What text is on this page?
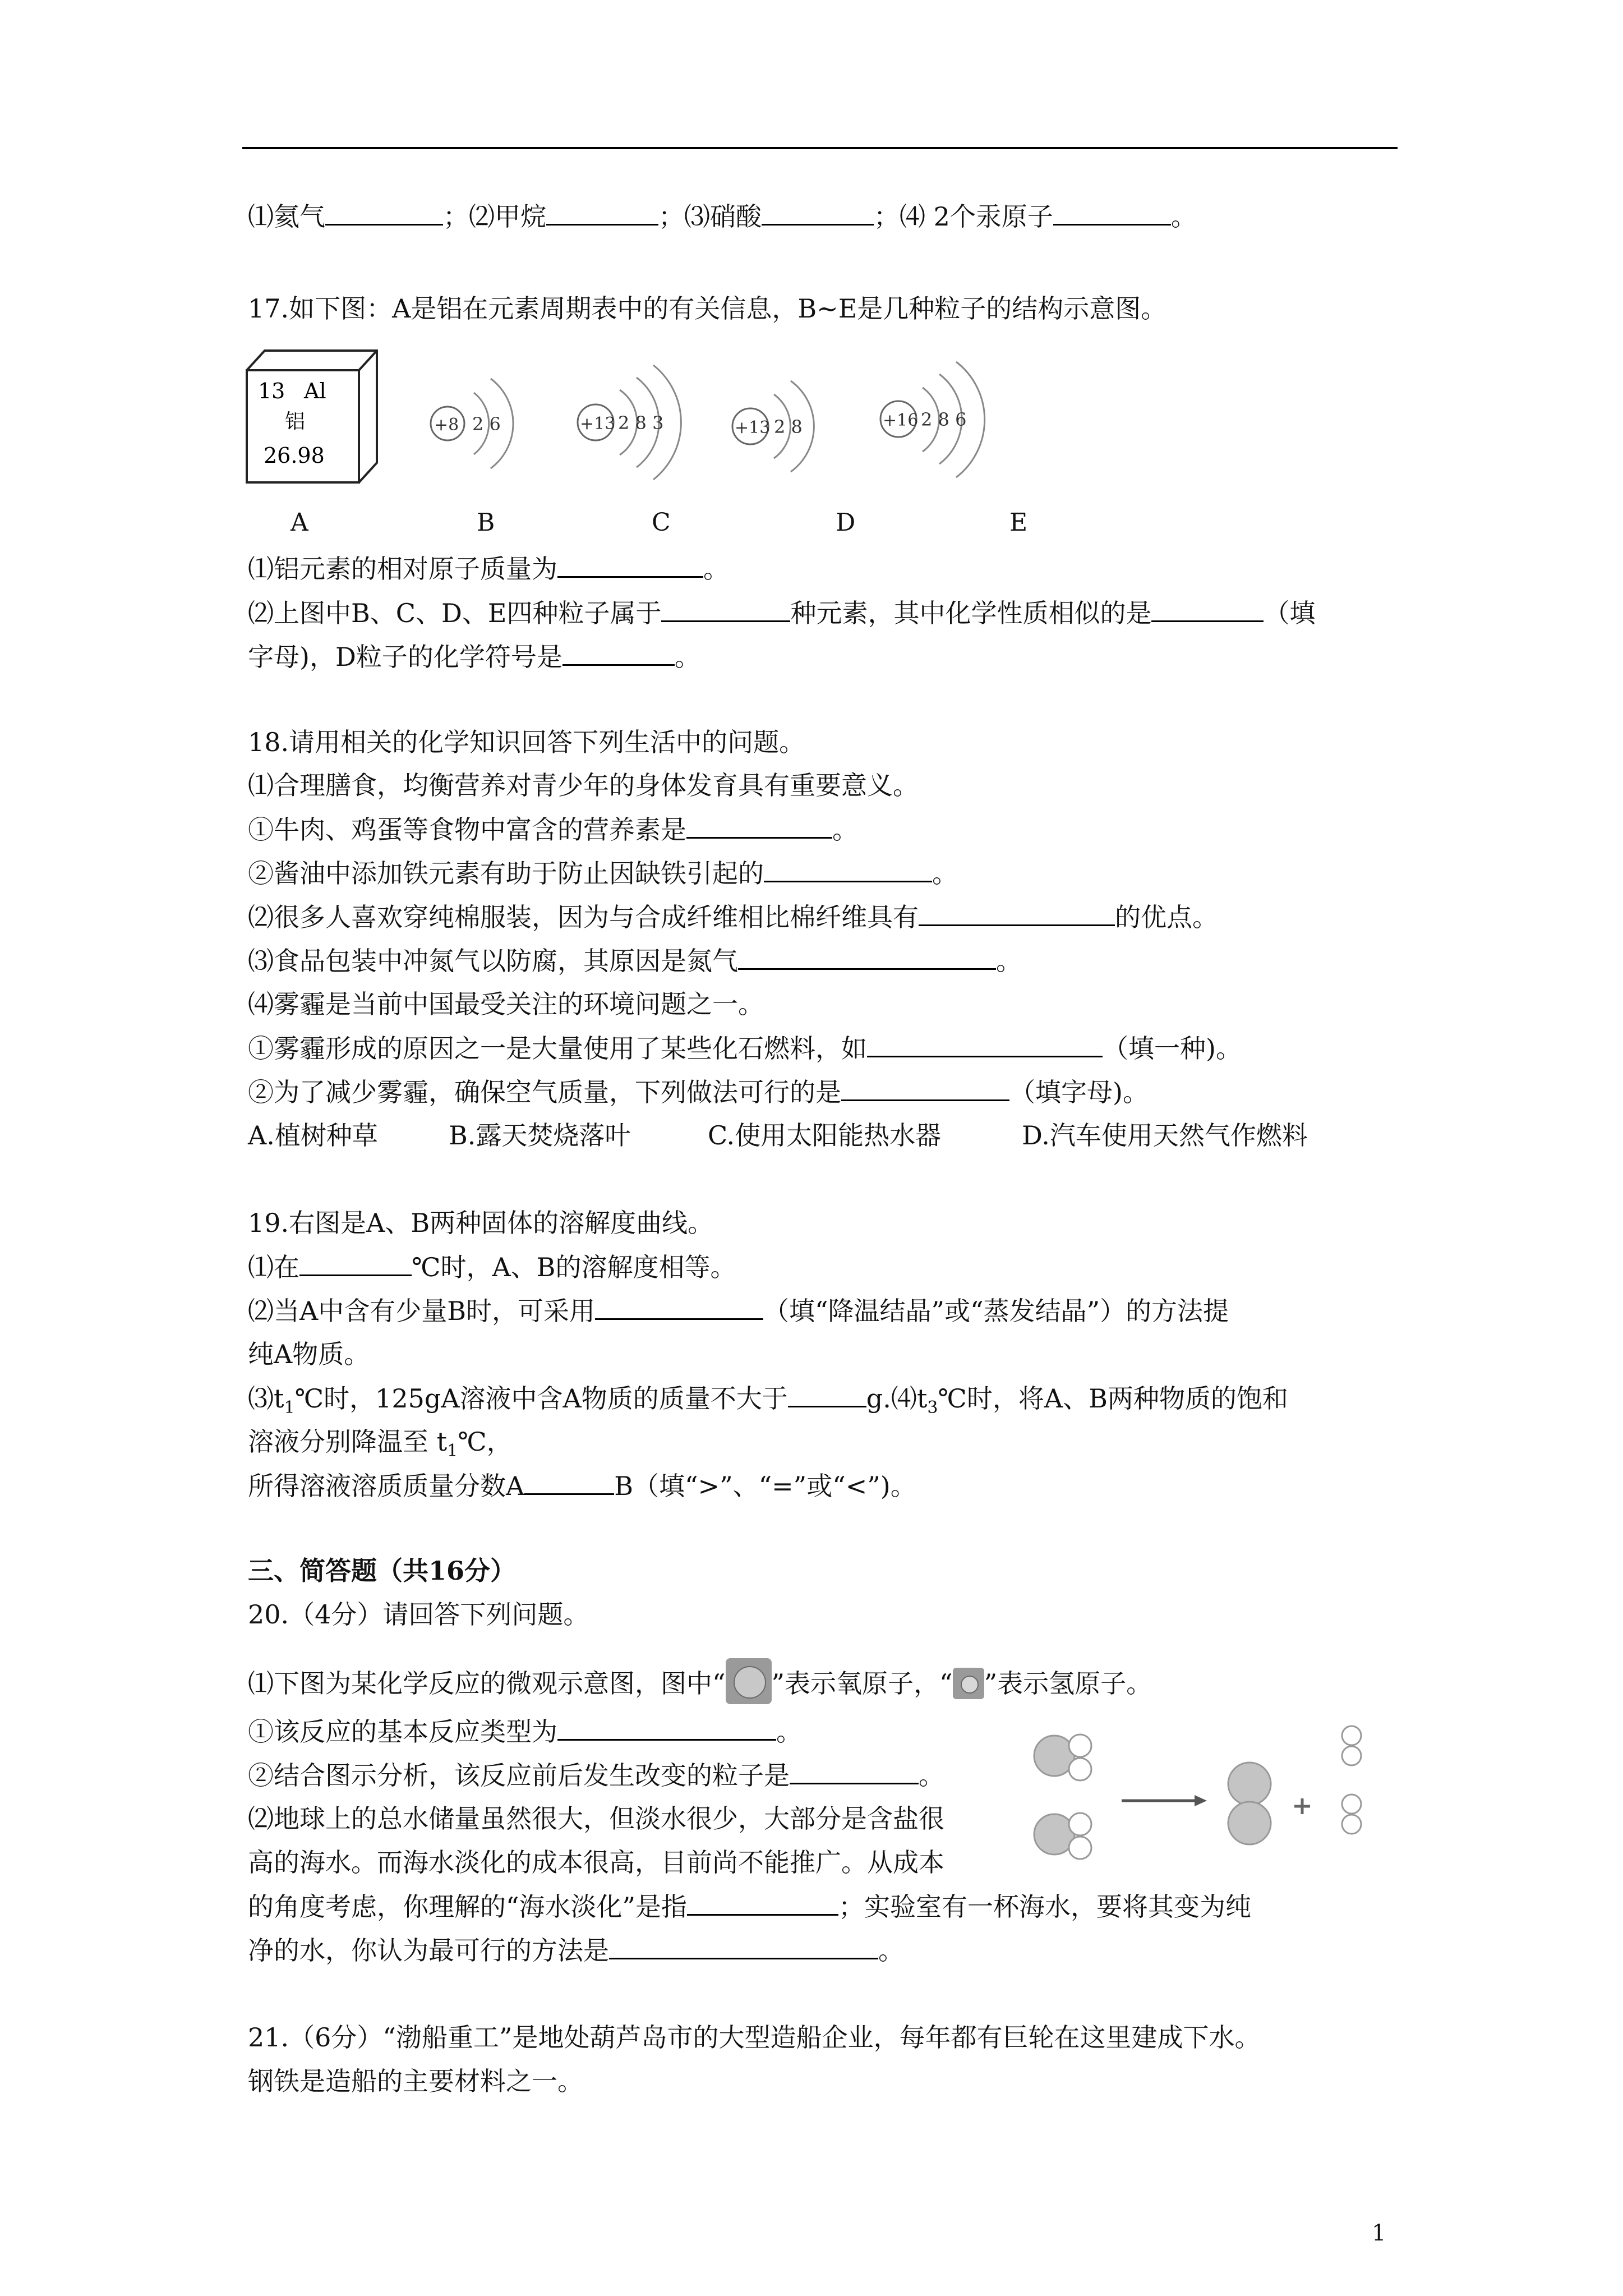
⑴氦气	；⑵甲烷	；⑶硝酸	；⑷ 2个汞原子	。
17.如下图：A是铝在元素周期表中的有关信息，B~E是几种粒子的结构示意图。
13 Al
铝
26.98
+8 2 6	+13 2 8 3	+13 2 8	+16 2 8 6
A	B	C	D	E
⑴铝元素的相对原子质量为	。
⑵上图中B、C、D、E四种粒子属于	种元素，其中化学性质相似的是	（填
字母)，D粒子的化学符号是	。
18.请用相关的化学知识回答下列生活中的问题。
⑴合理膳食，均衡营养对青少年的身体发育具有重要意义。
①牛肉、鸡蛋等食物中富含的营养素是	。
②酱油中添加铁元素有助于防止因缺铁引起的	。
⑵很多人喜欢穿纯棉服装，因为与合成纤维相比棉纤维具有	的优点。
⑶食品包装中冲氮气以防腐，其原因是氮气	。
⑷雾霾是当前中国最受关注的环境问题之一。
①雾霾形成的原因之一是大量使用了某些化石燃料，如	（填一种)。
②为了减少雾霾，确保空气质量，下列做法可行的是	（填字母)。
A.植树种草	B.露天焚烧落叶	C.使用太阳能热水器	D.汽车使用天然气作燃料
19.右图是A、B两种固体的溶解度曲线。
⑴在	℃时，A、B的溶解度相等。
⑵当A中含有少量B时，可采用	（填“降温结晶”或“蒸发结晶”）的方法提
纯A物质。
$⑶t_1℃$时，125gA溶液中含A物质的质量不大于	$g.⑷t_3℃$时，将A、B两种物质的饱和
溶液分别降温至 $t_1℃$，
所得溶液溶质质量分数A	B（填“>”、“=”或“<”)。
三、简答题（共16分）
20.（4分）请回答下列问题。
⑴下图为某化学反应的微观示意图，图中“ ”表示氧原子，“ ”表示氢原子。
①该反应的基本反应类型为	。
②结合图示分析，该反应前后发生改变的粒子是	。
⑵地球上的总水储量虽然很大，但淡水很少，大部分是含盐很
高的海水。而海水淡化的成本很高，目前尚不能推广。从成本
的角度考虑，你理解的“海水淡化”是指	；实验室有一杯海水，要将其变为纯
净的水，你认为最可行的方法是	。
21.（6分）“渤船重工”是地处葫芦岛市的大型造船企业，每年都有巨轮在这里建成下水。
钢铁是造船的主要材料之一。
1
